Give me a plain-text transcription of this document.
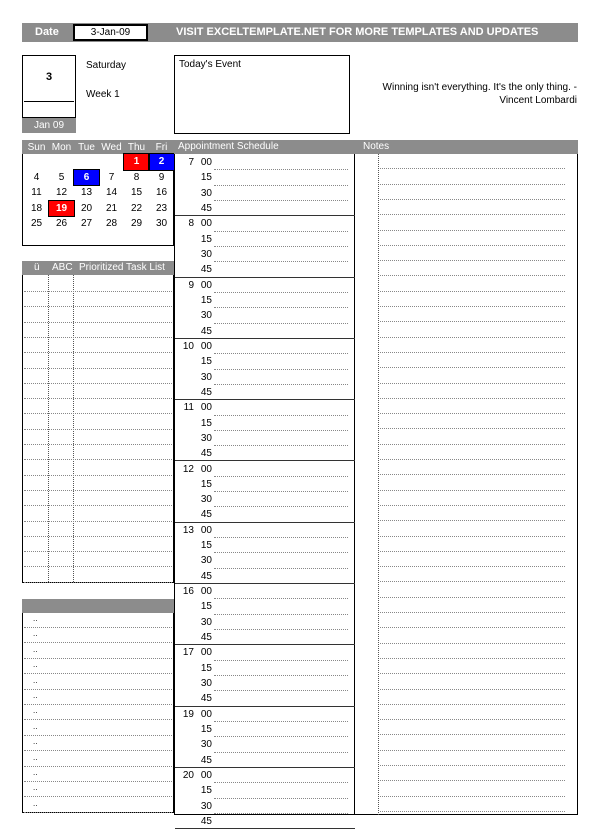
Date	3-Jan-09	VISIT EXCELTEMPLATE.NET FOR MORE TEMPLATES AND UPDATES
3
Jan 09
Saturday
Week 1
Today's Event
Winning isn't everything. It's the only thing. -
Vincent Lombardi
Sun	Mon	Tue	Wed	Thu	Fri
				1	2
4	5	6	7	8	9
11	12	13	14	15	16
18	19	20	21	22	23
25	26	27	28	29	30
ü ABC Prioritized Task List
..
..
..
..
..
..
..
..
..
..
..
..
..
Appointment Schedule
7 00
15
30
45
8 00
15
30
45
9 00
15
30
45
10 00
15
30
45
11 00
15
30
45
12 00
15
30
45
13 00
15
30
45
16 00
15
30
45
17 00
15
30
45
19 00
15
30
45
20 00
15
30
45
Notes
